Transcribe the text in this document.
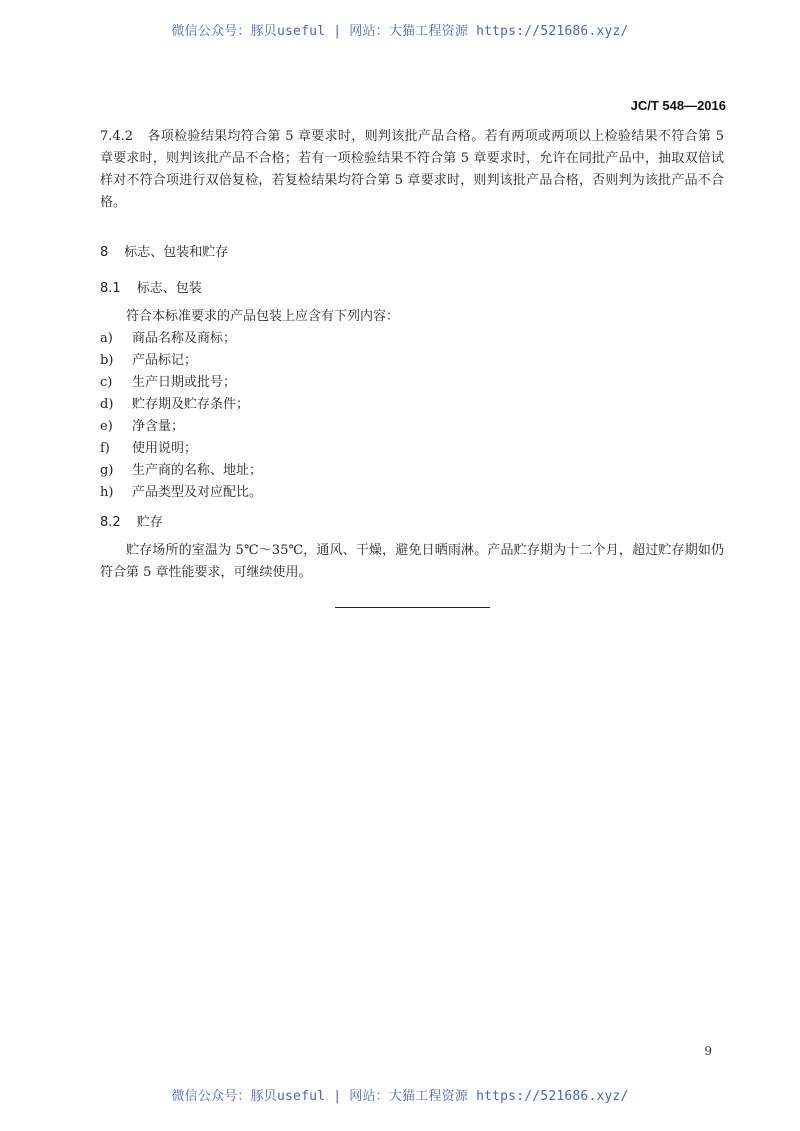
微信公众号：豚贝useful | 网站：大猫工程资源 https://521686.xyz/
JC/T 548—2016

7.4.2 各项检验结果均符合第 5 章要求时，则判该批产品合格。若有两项或两项以上检验结果不符合第 5 章要求时，则判该批产品不合格；若有一项检验结果不符合第 5 章要求时，允许在同批产品中，抽取双倍试样对不符合项进行双倍复检，若复检结果均符合第 5 章要求时，则判该批产品合格，否则判为该批产品不合格。

8 标志、包装和贮存
8.1 标志、包装

符合本标准要求的产品包装上应含有下列内容：

a) 商品名称及商标；
b) 产品标记；
c) 生产日期或批号；
d) 贮存期及贮存条件；
e) 净含量；
f) 使用说明；
g) 生产商的名称、地址；
h) 产品类型及对应配比。
8.2 贮存

贮存场所的室温为 5℃～35℃，通风、干燥，避免日晒雨淋。产品贮存期为十二个月，超过贮存期如仍符合第 5 章性能要求，可继续使用。

9
微信公众号：豚贝useful | 网站：大猫工程资源 https://521686.xyz/
